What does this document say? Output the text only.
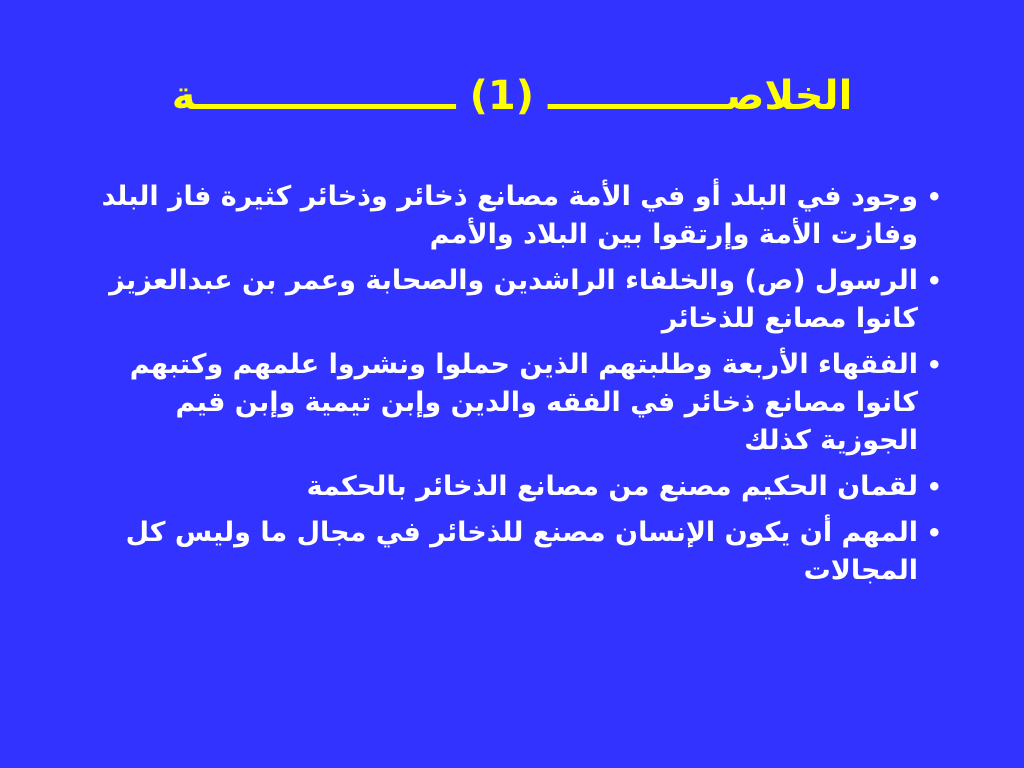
الخلاصـــــــــــــ (1) ـــــــــــــــــــة
•
وجود في البلد أو في الأمة مصانع ذخائر وذخائر كثيرة فاز البلد وفازت الأمة وإرتقوا بين البلاد والأمم
•
الرسول (ص) والخلفاء الراشدين والصحابة وعمر بن عبدالعزيز كانوا مصانع للذخائر
•
الفقهاء الأربعة وطلبتهم الذين حملوا ونشروا علمهم وكتبهم كانوا مصانع ذخائر في الفقه والدين وإبن تيمية وإبن قيم الجوزية كذلك
•
لقمان الحكيم مصنع من مصانع الذخائر بالحكمة
•
المهم أن يكون الإنسان مصنع للذخائر في مجال ما وليس كل المجالات
